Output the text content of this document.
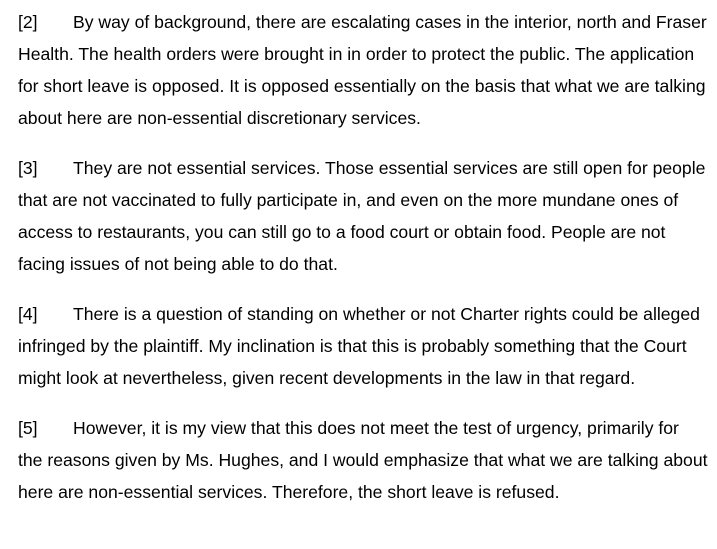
[2] By way of background, there are escalating cases in the interior, north and Fraser Health. The health orders were brought in in order to protect the public. The application for short leave is opposed. It is opposed essentially on the basis that what we are talking about here are non-essential discretionary services.

[3] They are not essential services. Those essential services are still open for people that are not vaccinated to fully participate in, and even on the more mundane ones of access to restaurants, you can still go to a food court or obtain food. People are not facing issues of not being able to do that.

[4] There is a question of standing on whether or not Charter rights could be alleged infringed by the plaintiff. My inclination is that this is probably something that the Court might look at nevertheless, given recent developments in the law in that regard.

[5] However, it is my view that this does not meet the test of urgency, primarily for the reasons given by Ms. Hughes, and I would emphasize that what we are talking about here are non-essential services. Therefore, the short leave is refused.
